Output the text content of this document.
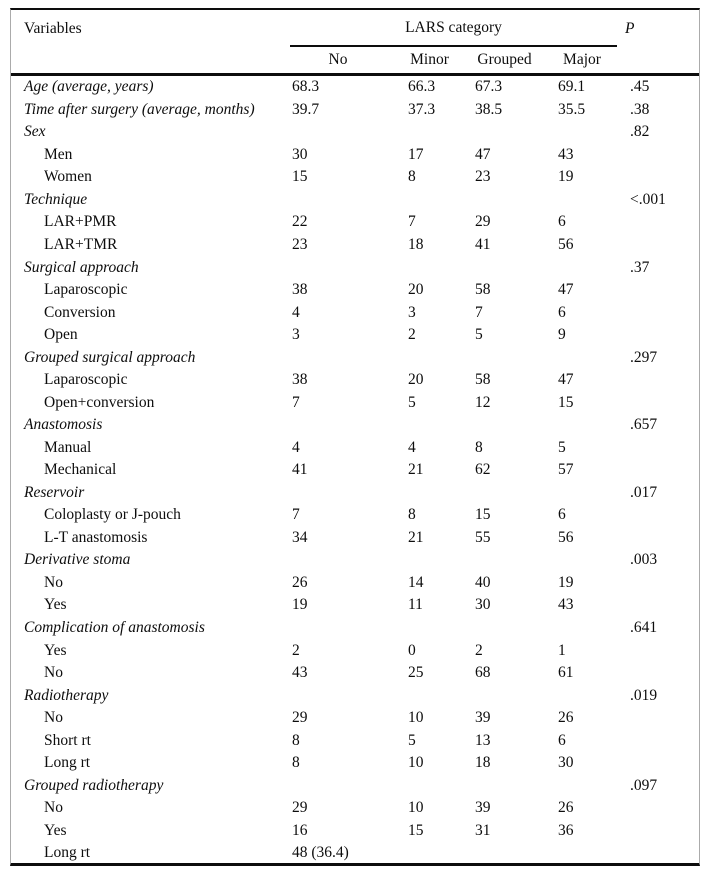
Variables	LARS category	P
No	Minor	Grouped	Major
Age (average, years)	68.3	66.3	67.3	69.1	.45
Time after surgery (average, months)	39.7	37.3	38.5	35.5	.38
Sex	.82
Men	30	17	47	43
Women	15	8	23	19
Technique	<.001
LAR+PMR	22	7	29	6
LAR+TMR	23	18	41	56
Surgical approach	.37
Laparoscopic	38	20	58	47
Conversion	4	3	7	6
Open	3	2	5	9
Grouped surgical approach	.297
Laparoscopic	38	20	58	47
Open+conversion	7	5	12	15
Anastomosis	.657
Manual	4	4	8	5
Mechanical	41	21	62	57
Reservoir	.017
Coloplasty or J-pouch	7	8	15	6
L-T anastomosis	34	21	55	56
Derivative stoma	.003
No	26	14	40	19
Yes	19	11	30	43
Complication of anastomosis	.641
Yes	2	0	2	1
No	43	25	68	61
Radiotherapy	.019
No	29	10	39	26
Short rt	8	5	13	6
Long rt	8	10	18	30
Grouped radiotherapy	.097
No	29	10	39	26
Yes	16	15	31	36
Long rt	48 (36.4)
